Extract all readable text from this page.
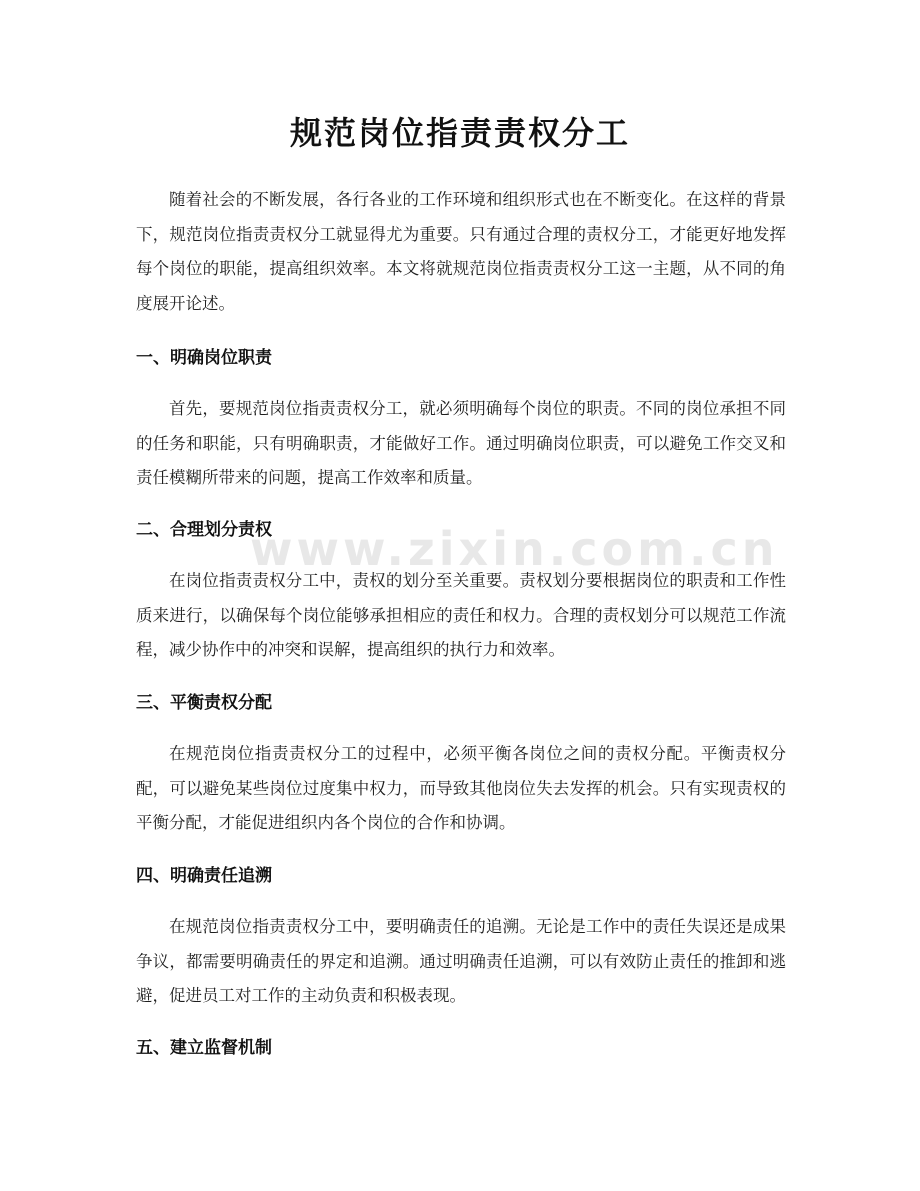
www.zixin.com.cn
规范岗位指责责权分工

随着社会的不断发展，各行各业的工作环境和组织形式也在不断变化。在这样的背景下，规范岗位指责责权分工就显得尤为重要。只有通过合理的责权分工，才能更好地发挥每个岗位的职能，提高组织效率。本文将就规范岗位指责责权分工这一主题，从不同的角度展开论述。

一、明确岗位职责

首先，要规范岗位指责责权分工，就必须明确每个岗位的职责。不同的岗位承担不同的任务和职能，只有明确职责，才能做好工作。通过明确岗位职责，可以避免工作交叉和责任模糊所带来的问题，提高工作效率和质量。

二、合理划分责权

在岗位指责责权分工中，责权的划分至关重要。责权划分要根据岗位的职责和工作性质来进行，以确保每个岗位能够承担相应的责任和权力。合理的责权划分可以规范工作流程，减少协作中的冲突和误解，提高组织的执行力和效率。

三、平衡责权分配

在规范岗位指责责权分工的过程中，必须平衡各岗位之间的责权分配。平衡责权分配，可以避免某些岗位过度集中权力，而导致其他岗位失去发挥的机会。只有实现责权的平衡分配，才能促进组织内各个岗位的合作和协调。

四、明确责任追溯

在规范岗位指责责权分工中，要明确责任的追溯。无论是工作中的责任失误还是成果争议，都需要明确责任的界定和追溯。通过明确责任追溯，可以有效防止责任的推卸和逃避，促进员工对工作的主动负责和积极表现。

五、建立监督机制
